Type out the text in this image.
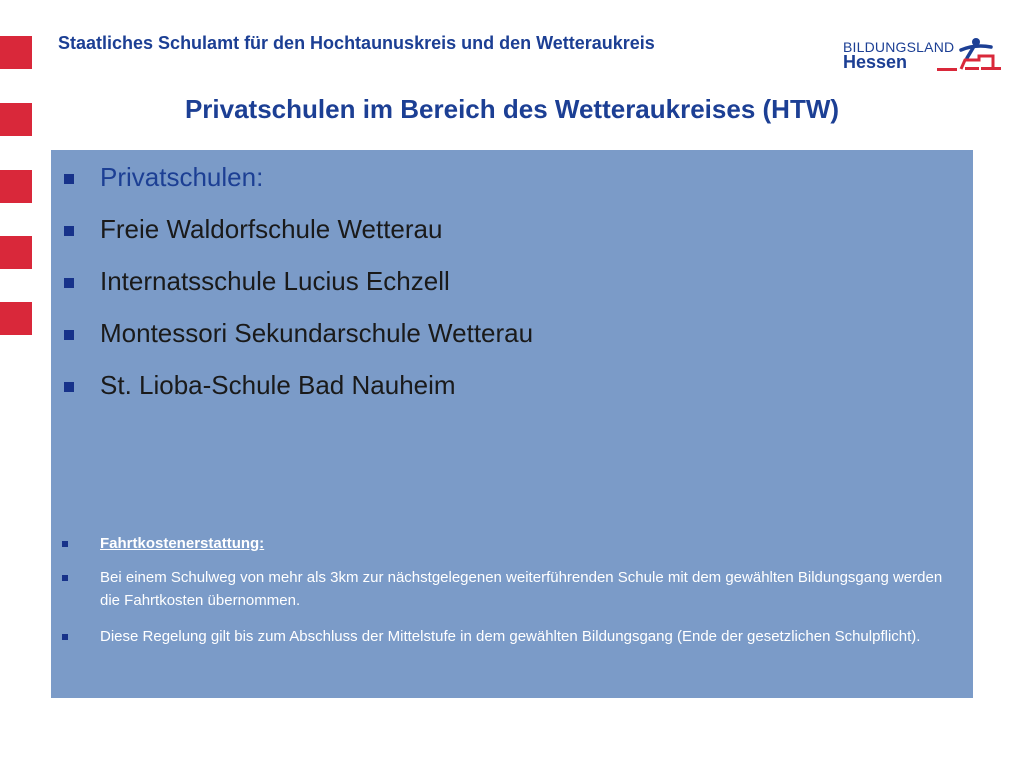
Staatliches Schulamt für den Hochtaunuskreis und den Wetteraukreis	BILDUNGSLAND
Hessen
Privatschulen im Bereich des Wetteraukreises (HTW)
Privatschulen:
Freie Waldorfschule Wetterau
Internatsschule Lucius Echzell
Montessori Sekundarschule Wetterau
St. Lioba-Schule Bad Nauheim
Fahrtkostenerstattung:
Bei einem Schulweg von mehr als 3km zur nächstgelegenen weiterführenden Schule mit dem gewählten Bildungsgang werden die Fahrtkosten übernommen.
Diese Regelung gilt bis zum Abschluss der Mittelstufe in dem gewählten Bildungsgang (Ende der gesetzlichen Schulpflicht).
